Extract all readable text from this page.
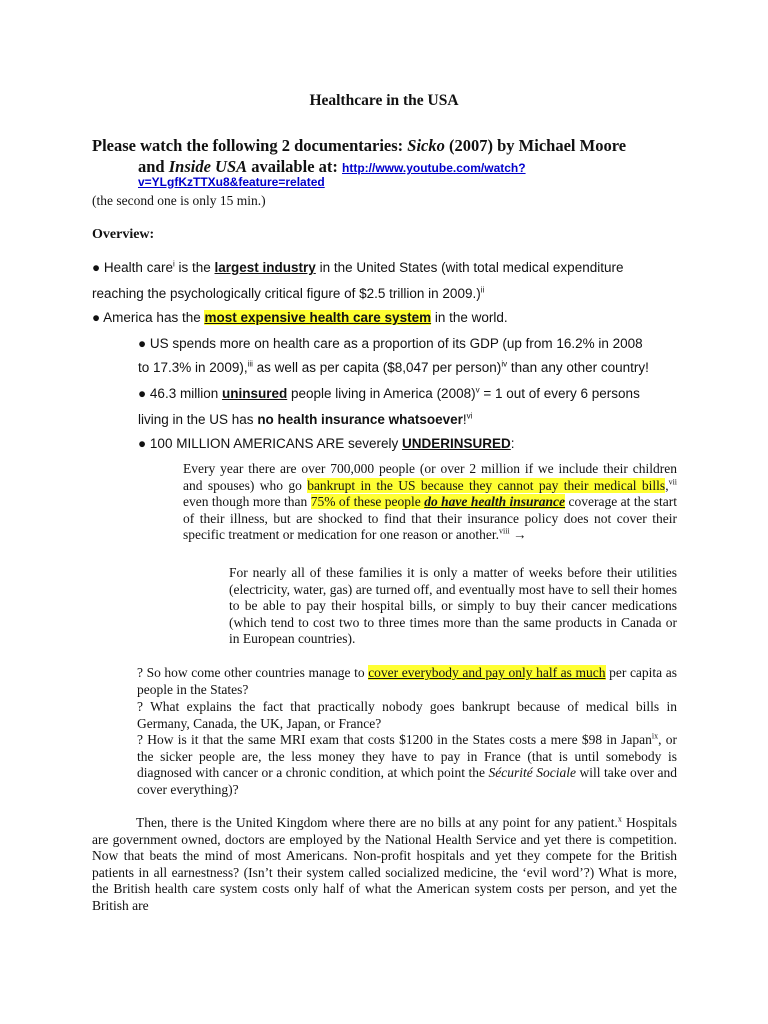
Healthcare in the USA
Please watch the following 2 documentaries: Sicko (2007) by Michael Moore
and Inside USA available at: http://www.youtube.com/watch?
v=YLgfKzTTXu8&feature=related
(the second one is only 15 min.)
Overview:
● Health care$^i$ is the largest industry in the United States (with total medical expenditure
reaching the psychologically critical figure of $2.5 trillion in 2009.)$^{ii}$
● America has the most expensive health care system in the world.
● US spends more on health care as a proportion of its GDP (up from 16.2% in 2008
to 17.3% in 2009),$^{iii}$ as well as per capita ($8,047 per person)$^{iv}$ than any other country!
● 46.3 million uninsured people living in America $(2008)^v = 1$ out of every 6 persons
living in the US has no health insurance whatsoever!$^{vi}$
● 100 MILLION AMERICANS ARE severely UNDERINSURED:
Every year there are over 700,000 people (or over 2 million if we include their children and spouses) who go bankrupt in the US because they cannot pay their medical bills,$^{vii}$ even though more than 75% of these people do have health insurance coverage at the start of their illness, but are shocked to find that their insurance policy does not cover their specific treatment or medication for one reason or another.$^{viii}$ →
For nearly all of these families it is only a matter of weeks before their utilities (electricity, water, gas) are turned off, and eventually most have to sell their homes to be able to pay their hospital bills, or simply to buy their cancer medications (which tend to cost two to three times more than the same products in Canada or in European countries).
? So how come other countries manage to cover everybody and pay only half as much per capita as people in the States?
? What explains the fact that practically nobody goes bankrupt because of medical bills in Germany, Canada, the UK, Japan, or France?
? How is it that the same MRI exam that costs $1200 in the States costs a mere $98 in Japan$^{ix}$, or the sicker people are, the less money they have to pay in France (that is until somebody is diagnosed with cancer or a chronic condition, at which point the Sécurité Sociale will take over and cover everything)?
Then, there is the United Kingdom where there are no bills at any point for any patient.$^x$ Hospitals are government owned, doctors are employed by the National Health Service and yet there is competition. Now that beats the mind of most Americans. Non-profit hospitals and yet they compete for the British patients in all earnestness? (Isn’t their system called socialized medicine, the ‘evil word’?) What is more, the British health care system costs only half of what the American system costs per person, and yet the British are
